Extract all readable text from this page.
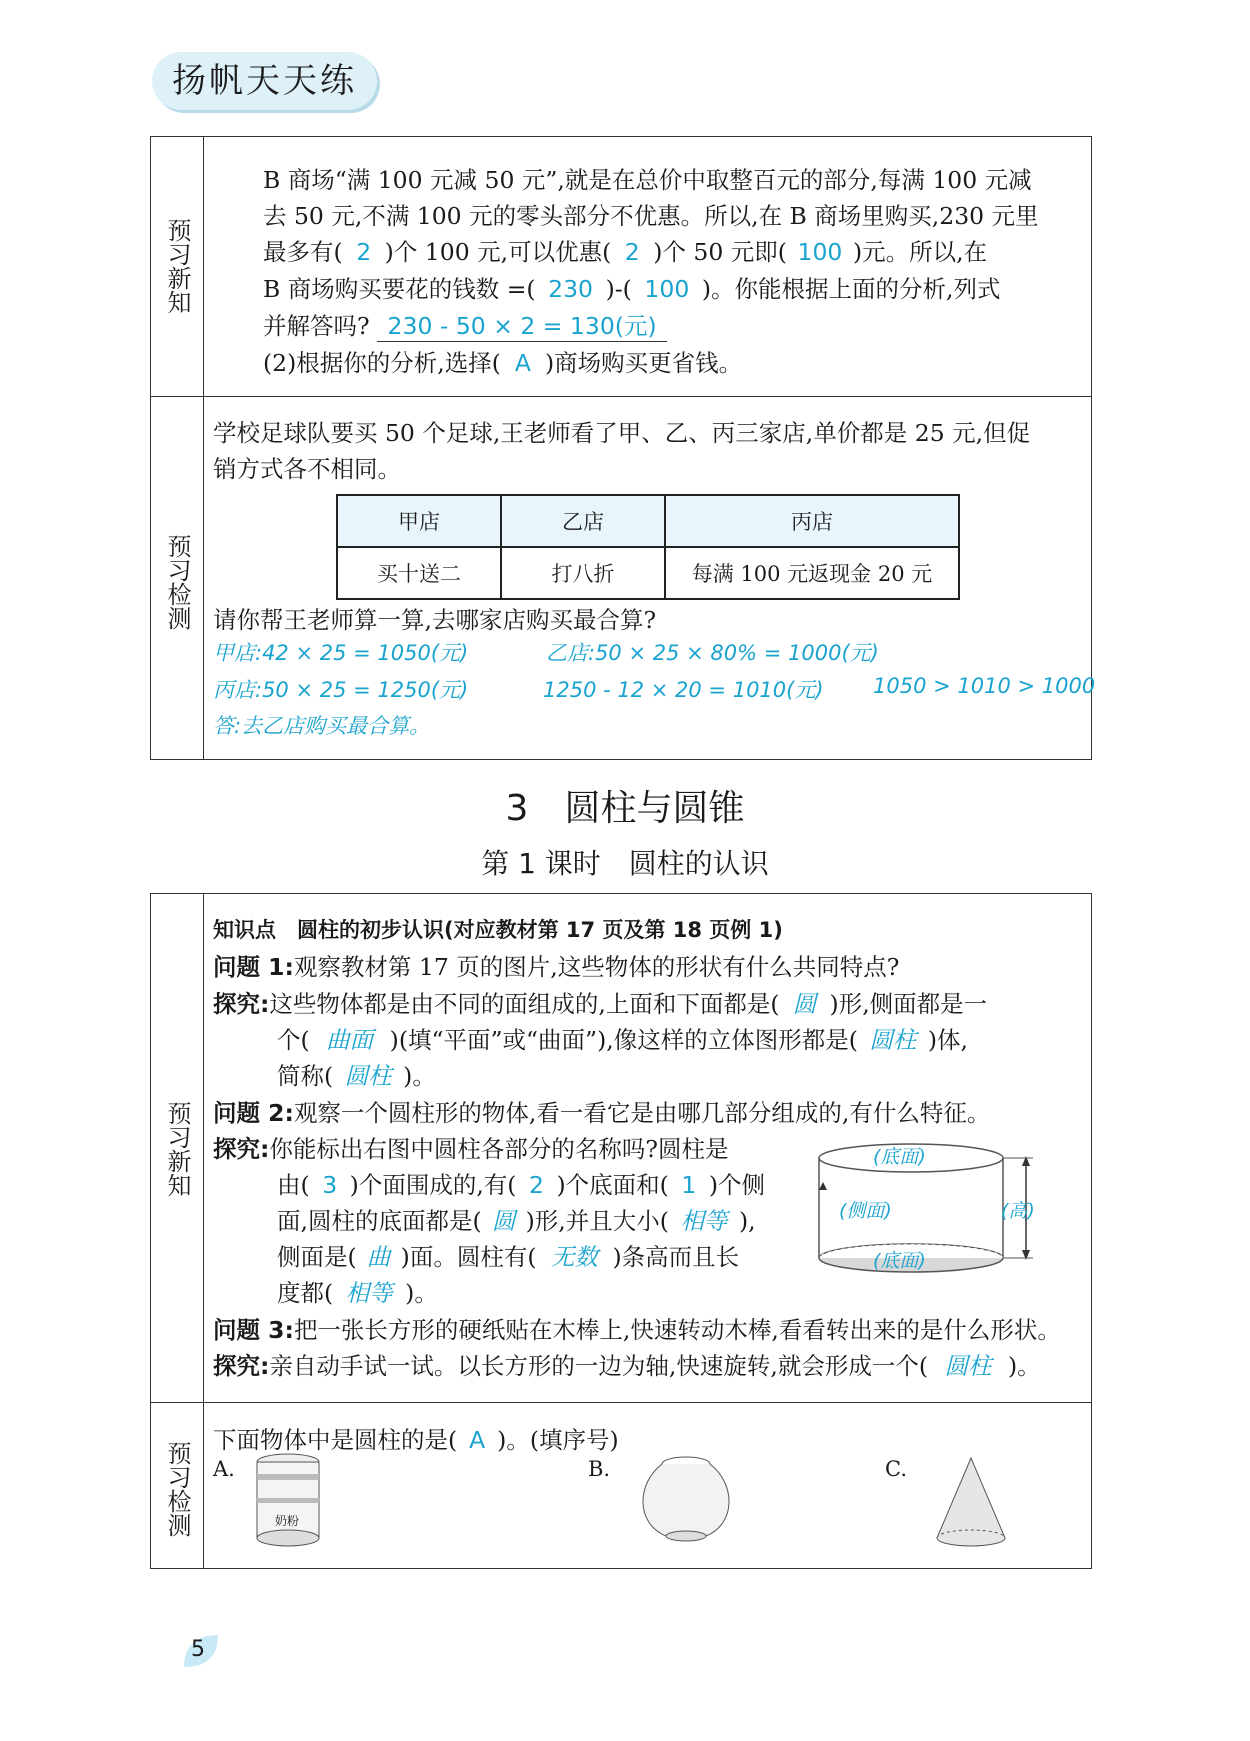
扬帆天天练
预习新知
预习检测
B 商场“满 100 元减 50 元”,就是在总价中取整百元的部分,每满 100 元减
去 50 元,不满 100 元的零头部分不优惠。所以,在 B 商场里购买,230 元里
最多有( 2 )个 100 元,可以优惠( 2 )个 50 元即( 100 )元。所以,在
B 商场购买要花的钱数 =( 230 )-( 100 )。你能根据上面的分析,列式
并解答吗? 230 - 50 × 2 = 130(元)
(2)根据你的分析,选择( A )商场购买更省钱。
学校足球队要买 50 个足球,王老师看了甲、乙、丙三家店,单价都是 25 元,但促
销方式各不相同。
甲店	乙店	丙店
买十送二	打八折	每满 100 元返现金 20 元
请你帮王老师算一算,去哪家店购买最合算?
甲店:42 × 25 = 1050(元)	乙店:50 × 25 × 80% = 1000(元)
丙店:50 × 25 = 1250(元)	1250 - 12 × 20 = 1010(元) 1050 > 1010 > 1000
答:去乙店购买最合算。
3　圆柱与圆锥
第 1 课时　圆柱的认识
预习新知
预习检测
知识点　圆柱的初步认识(对应教材第 17 页及第 18 页例 1)
问题 1:观察教材第 17 页的图片,这些物体的形状有什么共同特点?
探究:这些物体都是由不同的面组成的,上面和下面都是( 圆 )形,侧面都是一
个( 曲面 )(填“平面”或“曲面”),像这样的立体图形都是( 圆柱 )体,
简称( 圆柱 )。
问题 2:观察一个圆柱形的物体,看一看它是由哪几部分组成的,有什么特征。
探究:你能标出右图中圆柱各部分的名称吗?圆柱是
由( 3 )个面围成的,有( 2 )个底面和( 1 )个侧
面,圆柱的底面都是( 圆 )形,并且大小( 相等 ),
侧面是( 曲 )面。圆柱有( 无数 )条高而且长
度都( 相等 )。
(底面)
(侧面)	(高)
(底面)
问题 3:把一张长方形的硬纸贴在木棒上,快速转动木棒,看看转出来的是什么形状。
探究:亲自动手试一试。以长方形的一边为轴,快速旋转,就会形成一个( 圆柱 )。
下面物体中是圆柱的是( A )。(填序号)
A.
奶粉
B.	C.
5
